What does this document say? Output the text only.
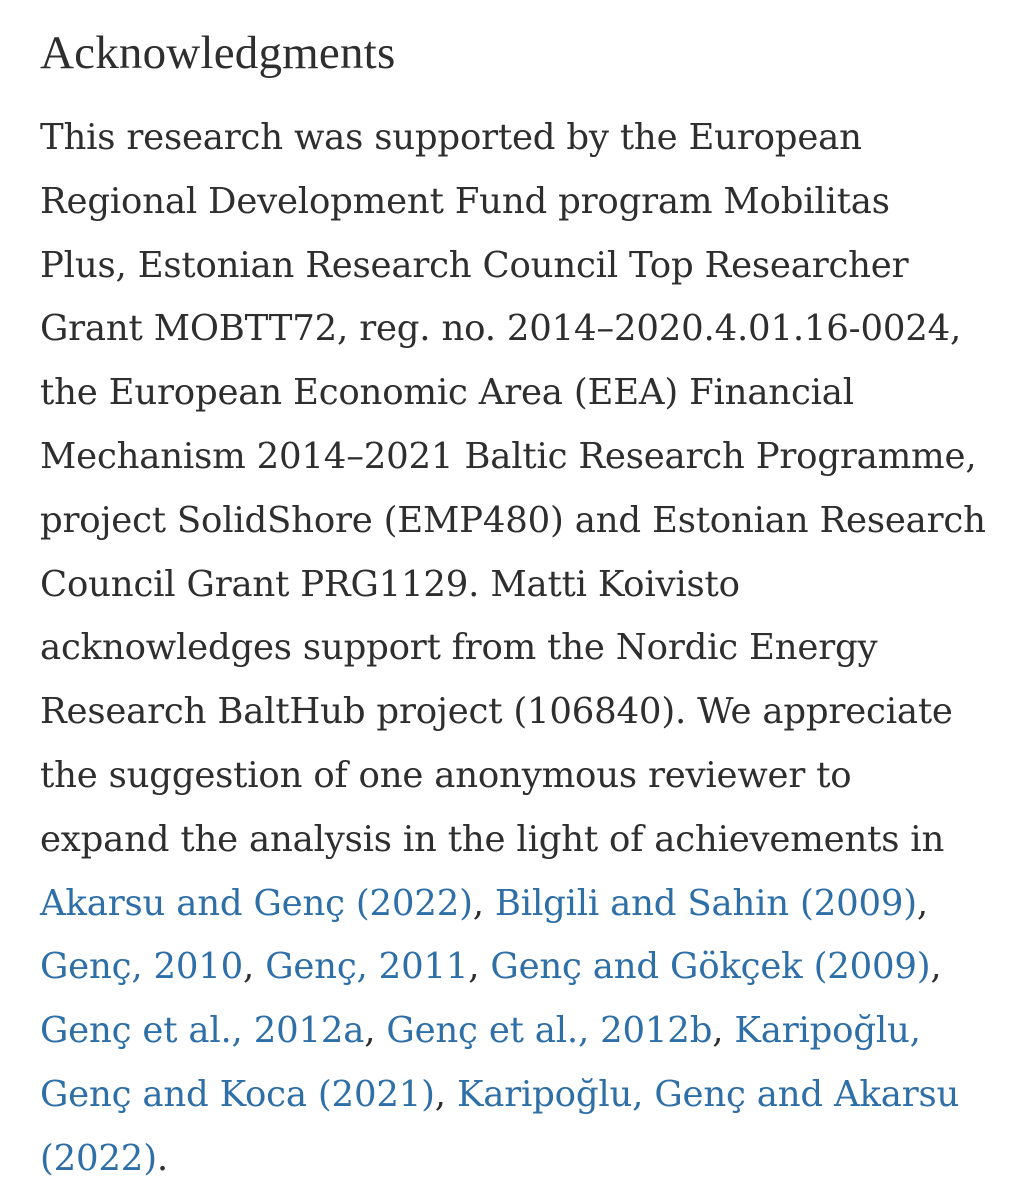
Acknowledgments

This research was supported by the European
Regional Development Fund program Mobilitas
Plus, Estonian Research Council Top Researcher
Grant MOBTT72, reg. no. 2014–2020.4.01.16-0024,
the European Economic Area (EEA) Financial
Mechanism 2014–2021 Baltic Research Programme,
project SolidShore (EMP480) and Estonian Research
Council Grant PRG1129. Matti Koivisto
acknowledges support from the Nordic Energy
Research BaltHub project (106840). We appreciate
the suggestion of one anonymous reviewer to
expand the analysis in the light of achievements in
Akarsu and Genç (2022), Bilgili and Sahin (2009),
Genç, 2010, Genç, 2011, Genç and Gökçek (2009),
Genç et al., 2012a, Genç et al., 2012b, Karipoğlu,
Genç and Koca (2021), Karipoğlu, Genç and Akarsu
(2022).
